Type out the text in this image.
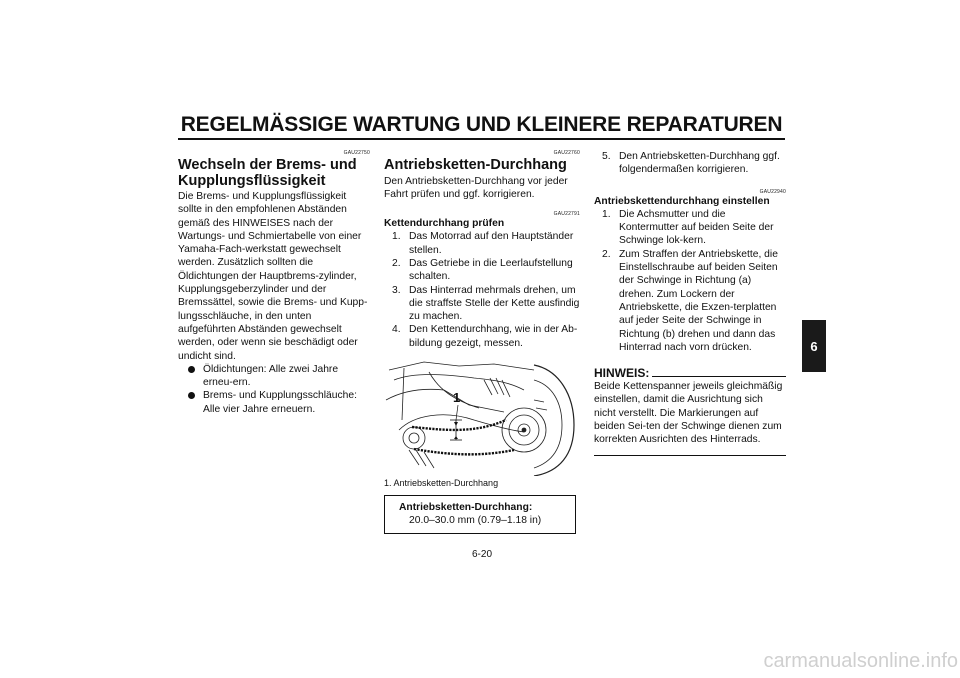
REGELMÄSSIGE WARTUNG UND KLEINERE REPARATUREN
6
GAU22750
Wechseln der Brems- und
Kupplungsflüssigkeit

Die Brems- und Kupplungsflüssigkeit sollte in den empfohlenen Abständen gemäß des HINWEISES nach der Wartungs- und Schmiertabelle von einer Yamaha-Fach-werkstatt gewechselt werden. Zusätzlich sollten die Öldichtungen der Hauptbrems-zylinder, Kupplungsgeberzylinder und der Bremssättel, sowie die Brems- und Kupp-lungsschläuche, in den unten aufgeführten Abständen gewechselt werden, oder wenn sie beschädigt oder undicht sind.

Öldichtungen: Alle zwei Jahre erneu-ern.
Brems- und Kupplungsschläuche: Alle vier Jahre erneuern.
GAU22760
Antriebsketten-Durchhang

Den Antriebsketten-Durchhang vor jeder Fahrt prüfen und ggf. korrigieren.

GAU22791
Kettendurchhang prüfen
1. Das Motorrad auf den Hauptständer stellen.
2. Das Getriebe in die Leerlaufstellung schalten.
3. Das Hinterrad mehrmals drehen, um die straffste Stelle der Kette ausfindig zu machen.
4. Den Kettendurchhang, wie in der Ab-bildung gezeigt, messen.
1
1. Antriebsketten-Durchhang
Antriebsketten-Durchhang:
20.0–30.0 mm (0.79–1.18 in)
5. Den Antriebsketten-Durchhang ggf. folgendermaßen korrigieren.
GAU22940
Antriebskettendurchhang einstellen
1. Die Achsmutter und die Kontermutter auf beiden Seite der Schwinge lok-kern.
2. Zum Straffen der Antriebskette, die Einstellschraube auf beiden Seiten der Schwinge in Richtung (a) drehen. Zum Lockern der Antriebskette, die Exzen-terplatten auf jeder Seite der Schwinge in Richtung (b) drehen und dann das Hinterrad nach vorn drücken.
HINWEIS:

Beide Kettenspanner jeweils gleichmäßig einstellen, damit die Ausrichtung sich nicht verstellt. Die Markierungen auf beiden Sei-ten der Schwinge dienen zum korrekten Ausrichten des Hinterrads.

6-20
carmanualsonline.info
